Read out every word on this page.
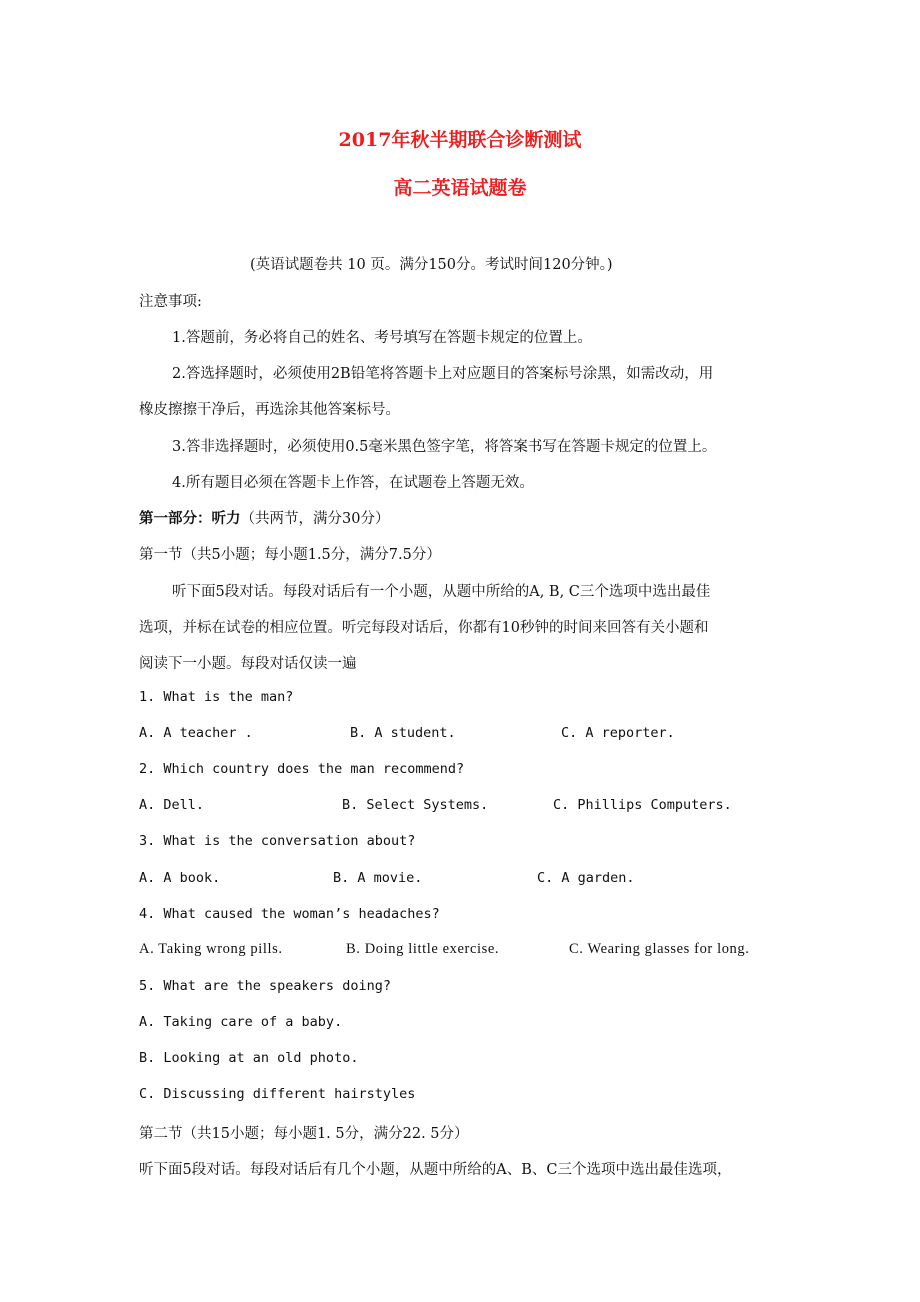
2017年秋半期联合诊断测试
高二英语试题卷
(英语试题卷共 10 页。满分150分。考试时间120分钟。)
注意事项:
1.答题前，务必将自己的姓名、考号填写在答题卡规定的位置上。
2.答选择题时，必须使用2B铅笔将答题卡上对应题目的答案标号涂黑，如需改动，用
橡皮擦擦干净后，再选涂其他答案标号。
3.答非选择题时，必须使用0.5毫米黑色签字笔，将答案书写在答题卡规定的位置上。
4.所有题目必须在答题卡上作答，在试题卷上答题无效。
第一部分：听力（共两节，满分30分）
第一节（共5小题；每小题1.5分，满分7.5分）
听下面5段对话。每段对话后有一个小题，从题中所给的A, B, C三个选项中选出最佳
选项，并标在试卷的相应位置。听完每段对话后，你都有10秒钟的时间来回答有关小题和
阅读下一小题。每段对话仅读一遍
1. What is the man?
A. A teacher .	B. A student.	C. A reporter.
2. Which country does the man recommend?
A. Dell.	B. Select Systems.	C. Phillips Computers.
3. What is the conversation about?
A. A book.	B. A movie.	C. A garden.
4. What caused the woman’s headaches?
A. Taking wrong pills.	B. Doing little exercise.	C. Wearing glasses for long.
5. What are the speakers doing?
A. Taking care of a baby.
B. Looking at an old photo.
C. Discussing different hairstyles
第二节（共15小题；每小题1. 5分，满分22. 5分）
听下面5段对话。每段对话后有几个小题，从题中所给的A、B、C三个选项中选出最佳选项，
